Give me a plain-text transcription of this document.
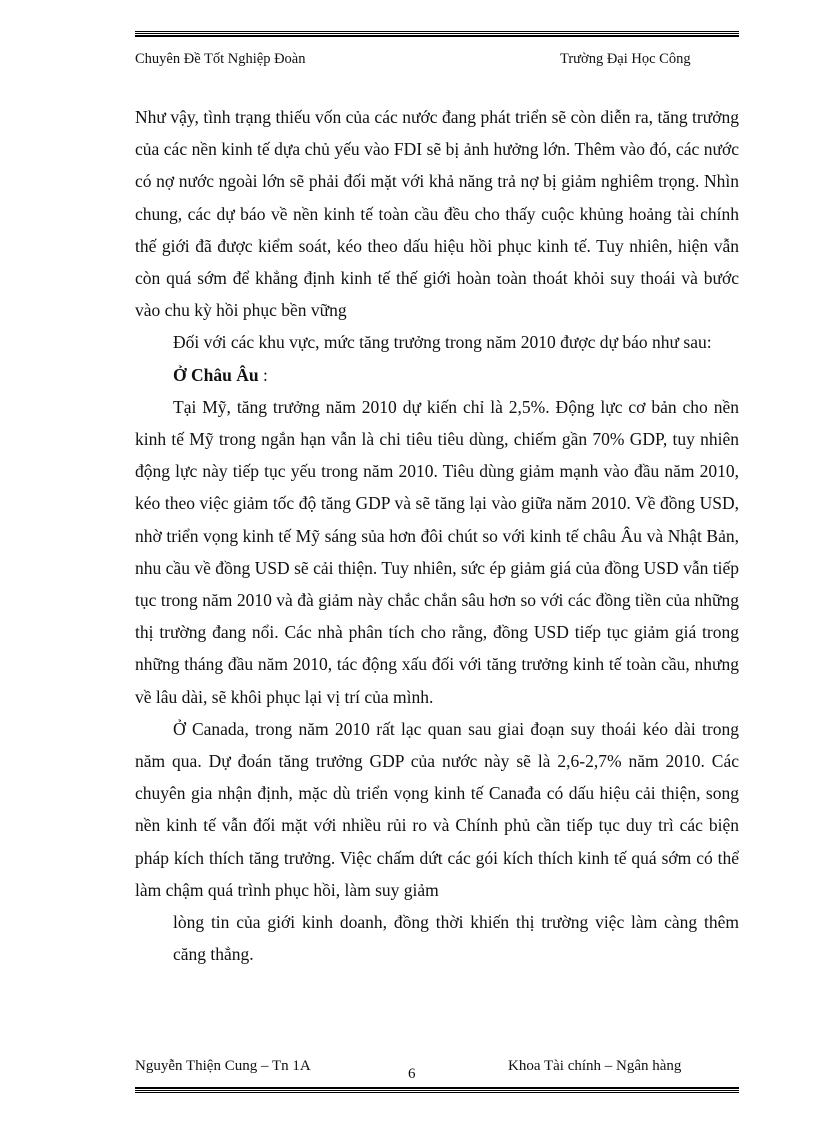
Chuyên Đề Tốt Nghiệp Đoàn	Trường Đại Học Công

Như vậy, tình trạng thiếu vốn của các nước đang phát triển sẽ còn diễn ra, tăng trưởng của các nền kinh tế dựa chủ yếu vào FDI sẽ bị ảnh hưởng lớn. Thêm vào đó, các nước có nợ nước ngoài lớn sẽ phải đối mặt với khả năng trả nợ bị giảm nghiêm trọng. Nhìn chung, các dự báo về nền kinh tế toàn cầu đều cho thấy cuộc khủng hoảng tài chính thế giới đã được kiểm soát, kéo theo dấu hiệu hồi phục kinh tế. Tuy nhiên, hiện vẫn còn quá sớm để khẳng định kinh tế thế giới hoàn toàn thoát khỏi suy thoái và bước vào chu kỳ hồi phục bền vững

Đối với các khu vực, mức tăng trưởng trong năm 2010 được dự báo như sau:

Ở Châu Âu :

Tại Mỹ, tăng trưởng năm 2010 dự kiến chỉ là 2,5%. Động lực cơ bản cho nền kinh tế Mỹ trong ngắn hạn vẫn là chi tiêu tiêu dùng, chiếm gần 70% GDP, tuy nhiên động lực này tiếp tục yếu trong năm 2010. Tiêu dùng giảm mạnh vào đầu năm 2010, kéo theo việc giảm tốc độ tăng GDP và sẽ tăng lại vào giữa năm 2010. Về đồng USD, nhờ triển vọng kinh tế Mỹ sáng sủa hơn đôi chút so với kinh tế châu Âu và Nhật Bản, nhu cầu về đồng USD sẽ cải thiện. Tuy nhiên, sức ép giảm giá của đồng USD vẫn tiếp tục trong năm 2010 và đà giảm này chắc chắn sâu hơn so với các đồng tiền của những thị trường đang nổi. Các nhà phân tích cho rằng, đồng USD tiếp tục giảm giá trong những tháng đầu năm 2010, tác động xấu đối với tăng trưởng kinh tế toàn cầu, nhưng về lâu dài, sẽ khôi phục lại vị trí của mình.

Ở Canada, trong năm 2010 rất lạc quan sau giai đoạn suy thoái kéo dài trong năm qua. Dự đoán tăng trưởng GDP của nước này sẽ là 2,6-2,7% năm 2010. Các chuyên gia nhận định, mặc dù triển vọng kinh tế Canađa có dấu hiệu cải thiện, song nền kinh tế vẫn đối mặt với nhiều rủi ro và Chính phủ cần tiếp tục duy trì các biện pháp kích thích tăng trưởng. Việc chấm dứt các gói kích thích kinh tế quá sớm có thể làm chậm quá trình phục hồi, làm suy giảm

lòng tin của giới kinh doanh, đồng thời khiến thị trường việc làm càng thêm căng thẳng.

Nguyễn Thiện Cung – Tn 1A	6	Khoa Tài chính – Ngân hàng
